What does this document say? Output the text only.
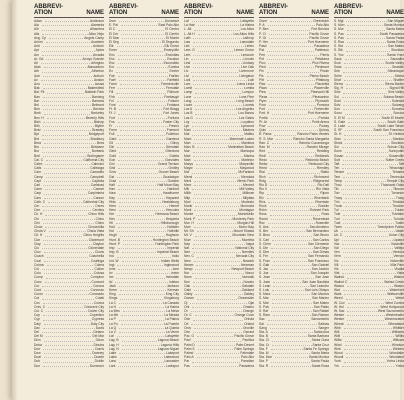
ABBREVI-
ATION	NAME
Adan	Anderson
Ala	Alameda
Alh	Alhambra
Alis	Aliso Viejo
Ang. Cp	Angels Camp
Anhm	Anaheim
Anti	Antioch
Apt	Aptos
Arc	Arcadia
Ar. Gd	Arroyo Grande
Arl	Arlington
Atas	Atascadero
Ath	Atherton
Aub	Auburn
Av	Avalon
Azu	Azusa
Bak	Bakersfield
Bal. Pk	Baldwin Park
Ban	Banning
Bar	Barstow
Bel	Belmont
Ben	Benicia
Berk	Berkeley
Bev. H	Beverly Hills
Bish	Bishop
Blth	Blythe
Bnkr	Brawley
Bpt	Bridgeport
Brd	Bradbury
Brea	Brea
Brs	Brisbane
Bur	Burbank
Burl	Burlingame
Cal. C	California City
Calex	Calexico
Calis	Calistoga
Cam	Camarillo
Camp	Campbell
Capt	Capitola
Carl	Carlsbad
Carm	Carmel
Carp	Carpinteria
Cars	Carson
Cath. C	Cathedral City
Cer	Ceres
Cerr	Cerritos
Ch. H	Chino Hills
Chi	Chico
Chn	Chino
Chow	Chowchilla
Chula V	Chula Vista
Cit. H	Citrus Heights
Clar	Claremont
Clay	Clayton
Clo	Cloverdale
Clov	Clovis
Coach	Coachella
Coal	Coalinga
Colma	Colma
Col	Colton
Colu	Colusa
Comp	Compton
Conc	Concord
Cor	Corona
Cord	Corcoran
Coron	Coronado
Cot	Cotati
Cov	Covina
Cres. C	Crescent City
Cul. C	Culver City
Cup	Cupertino
Cyp	Cypress
Daly	Daly City
Dav	Davis
Del	Delano
Del M	Del Mar
Dixn	Dixon
Dnba	Dinuba
Dorr	Dorris
Dow	Downey
Duar	Duarte
Dub	Dublin
Dun	Dunsmuir
ABBREVI-
ATION	NAME
Dsm	Dunsmuir
E. Pal	East Palo Alto
El C	El Centro
El Cer	El Cerrito
El Mon	El Monte
El Seg	El Segundo
Elk	Elk Grove
Emer	Emeryville
Enc	Encinitas
Esc	Escalon
Esc	Escondido
Eur	Eureka
Ex	Exeter
Fair	Fairfax
Fairf	Fairfield
Farm	Farmersville
Ferr	Ferndale
Fill	Fillmore
Firb	Firebaugh
Fol	Folsom
Font	Fontana
Ft. B	Fort Bragg
Ft. J	Fort Jones
Fort	Fortuna
Fos	Foster City
Fr	Fresno
Frem	Fremont
Full	Fullerton
Gard	Gardena
Gil	Gilroy
Gle	Glendale
Gled	Glendora
Gold	Goleta
Gon	Gonzales
Grd	Grand Terrace
Grid	Gridley
Grov	Grover Beach
Gst	Guadalupe
Gust	Gustine
Half	Half Moon Bay
Han	Hanford
Haw	Hawthorne
Hay	Hayward
Hlds	Healdsburg
Hem	Hemet
Herc	Hercules
Her	Hermosa Beach
Hes	Hesperia
Hil	Hillsborough
Holl	Hollister
Hol	Holtville
Hugh	Hughson
Hunt. B	Huntington Beach
Hunt. P	Huntington Park
Imp	Imperial
Imp. B	Imperial Beach
Ind	Indio
Ind. W	Indian Wells
Ingl	Inglewood
Ione	Ione
Irv	Irvine
Irw	Irwindale
Isl	Isleton
Jack	Jackson
Kerm	Kerman
King	King City
Kings	Kingsburg
La C	La Canada
La H	La Habra
La Mes	La Mesa
La Mir	La Mirada
La P	La Palma
La Pu	La Puente
La Q	La Quinta
La V	La Verne
Laf	Lafayette
Lag. B	Laguna Beach
Lag. H	Laguna Hills
Lag. N	Laguna Niguel
Lake	Lakeport
Lakw	Lakewood
Lanc	Lancaster
Lark	Larkspur
ABBREVI-
ATION	NAME
Laf	Lafayette
La Hab	La Habra
L. Alt	Los Altos
L. Alt H	Los Altos Hills
Lath	Lathrop
Law	Lawndale
Leb	Lebec
Lem. G	Lemon Grove
Lem	Lemoore
Lin	Lincoln
Lind	Lindsay
Live	Live Oak
Liv	Livermore
Livi	Livingston
Lodi	Lodi
Lom	Loma Linda
Lomit	Lomita
Lomp	Lompoc
Lone	Lone Pine
Long	Long Beach
Loom	Loomis
Los A	Los Angeles
Los B	Los Banos
Los G	Los Gatos
Loy	Loyalton
Lyn	Lynwood
Mad	Madera
Mal	Malibu
Mam	Mammoth Lakes
Man	Manteca
Man. B	Manhattan Beach
Mar	Maricopa
Mari	Marina
Mart	Martinez
Marys	Marysville
Mayw	Maywood
Mcf	McFarland
Mend	Mendota
Menl	Menlo Park
Merc	Merced
Mill	Mill Valley
Millb	Millbrae
Milp	Milpitas
Mod	Modesto
Monb	Monrovia
Mont	Montague
Monte	Montebello
Mont. P	Monterey Park
Mor. H	Morgan Hill
Morr	Morro Bay
Mt. Sh	Mount Shasta
Mt. V	Mountain View
Murr	Murrieta
Nap	Napa
Nat	National City
Nee	Needles
Nev. C	Nevada City
New	Newark
Newm	Newman
Newp	Newport Beach
Nor	Norco
Norw	Norwalk
Nov	Novato
Oak	Oakdale
Oakl	Oakland
Oakly	Oakley
Ocean	Oceanside
Oj	Ojai
Ont	Ontario
Or	Orange
Or. C	Orange Cove
Orin	Orinda
Orl	Orland
Orov	Oroville
Oxn	Oxnard
Pac. G	Pacific Grove
Pacf	Pacifica
Palm D	Palm Desert
Palm S	Palm Springs
Palmd	Palmdale
Palo A	Palo Alto
Par	Paradise
Pas	Pasadena
ABBREVI-
ATION	NAME
Gwnr	Greenwich
P. A	Palo Alto
P. Ben	Port Benicia
P. Cl	Pacific Grove
P. Gr	Pacific Grove
P. Her	Port Hueneme
Pasd	Pasadena
Pat	Patterson
Perr	Perris
Pet	Petaluma
Pico	Pico Rivera
Pied	Piedmont
Pin	Pinole
Pis	Pismo Beach
Pitt	Pittsburg
Plac	Placentia
Placv	Placerville
Plea	Pleasant Hill
Pleas	Pleasanton
Plym	Plymouth
Pom	Pomona
Port	Porterville
Port. H	Port Hueneme
Portla	Portola
Pt. Ar	Point Arena
Pow	Poway
Quin	Quincy
R. Palos	Rancho Palos Verdes
R. S. Mar	Rancho Santa Margarita
Ran. C	Rancho Cucamonga
Ran. M	Rancho Mirage
Red	Redding
Redl	Redlands
Redo	Redondo Beach
Redw	Redwood City
Reed	Reedley
Rial	Rialto
Rich	Richmond
Ridg	Ridgecrest
Rio D	Rio Dell
Rio V	Rio Vista
Rip	Ripon
Riv	Riverbank
Rivs	Riverside
Rock	Rocklin
Rohn	Rohnert Park
Ross	Ross
Rsmd	Rosemead
Rsv	Roseville
S. Ans	San Anselmo
S. Ber	San Bernardino
S. Brun	San Bruno
S. Carl	San Carlos
S. Clem	San Clemente
S. Die	San Diego
S. Dim	San Dimas
S. Fer	San Fernando
S. Fran	San Francisco
S. Gab	San Gabriel
S. Jac	San Jacinto
S. Joa	San Joaquin
S. Jose	San Jose
S. Juan	San Juan Bautista
S. Lean	San Leandro
S. Luis	San Luis Obispo
S. Marc	San Marcos
S. Mar	San Marino
S. Mat	San Mateo
S. Pab	San Pablo
S. Raf	San Rafael
S. Ram	San Ramon
Sac	Sacramento
Sal	Salinas
Sang	Sanger
Sta. A	Santa Ana
Sta. B	Santa Barbara
Sta. Cl	Santa Clara
Sta. Cr	Santa Cruz
Sta. F	Santa Fe Springs
Sta. M	Santa Maria
Sta. Mon	Santa Monica
Sta. P	Santa Paula
Sta. R	Santa Rosa
ABBREVI-
ATION	NAME
S. Mgl	San Miguel
S. Mon	Santa Monica
S. Mor	Santa Maria
S. Pas	South Pasadena
S. Pau	Santa Paula
S. Rsa	Santa Rosa
S. Sta	San Mateo
S. Stk	Stockton
S. Ynz	Santa Ynez
Saus	Sausalito
Scot	Scotts Valley
Seas	Seaside
Seb	Sebastopol
Selm	Selma
Shaf	Shafter
Sierra	Sierra Madre
Sig. H	Signal Hill
Simi	Simi Valley
Sol	Solana Beach
Sold	Soledad
Solv	Solvang
Son	Sonoma
Sono	Sonora
S. El M	South El Monte
S. Gate	South Gate
S. Lake	South Lake Tahoe
S. SF	South San Francisco
St. H	St. Helena
Stan	Stanton
Stock	Stockton
Sui	Suisun City
Sunn	Sunnyvale
Susan	Susanville
Sutt	Sutter Creek
Taft	Taft
Teh	Tehachapi
Teham	Tehama
Tem	Temecula
Temp	Temple City
Thou	Thousand Oaks
Tib	Tiburon
Torr	Torrance
Tracy	Tracy
Trin	Trinidad
Truck	Truckee
Tul	Tulare
Tule	Tulelake
Turl	Turlock
Tust	Tustin
Twen	Twentynine Palms
Uk	Ukiah
Un. C	Union City
Upl	Upland
Vac	Vacaville
Val	Vallejo
Ven	Ventura
Vern	Vernon
Vic	Victorville
Vill	Villa Park
Vis	Visalia
Vist	Vista
Walnut	Walnut
Walnut C	Walnut Creek
Wasco	Wasco
Wat	Waterford
Wats	Watsonville
Weed	Weed
W. Cov	West Covina
W. Hol	West Hollywood
W. Sac	West Sacramento
Westm	Westminster
Westm	Westmorland
Wheat	Wheatland
Whit	Whittier
Will	Williams
Willi	Willits
Willw	Willows
Wind	Windsor
Wint	Winters
Wood	Woodlake
Woodl	Woodland
Yorb	Yorba Linda
Yrk	Yreka
